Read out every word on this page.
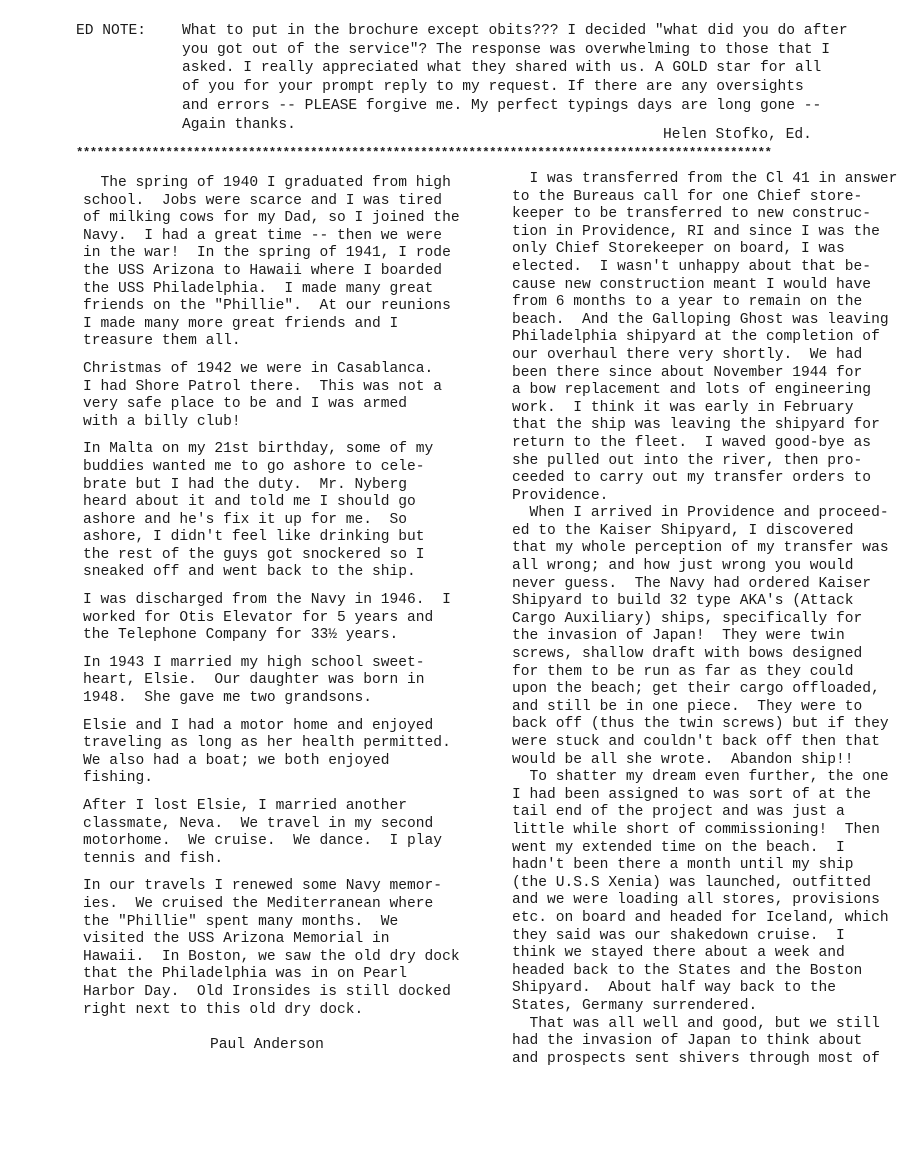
ED NOTE: What to put in the brochure except obits??? I decided "what did you do after
you got out of the service"? The response was overwhelming to those that I
asked. I really appreciated what they shared with us. A GOLD star for all
of you for your prompt reply to my request. If there are any oversights
and errors -- PLEASE forgive me. My perfect typings days are long gone --
Again thanks.
Helen Stofko, Ed.
*****************************************************************************************************

The spring of 1940 I graduated from high
school.  Jobs were scarce and I was tired
of milking cows for my Dad, so I joined the
Navy.  I had a great time -- then we were
in the war!  In the spring of 1941, I rode
the USS Arizona to Hawaii where I boarded
the USS Philadelphia.  I made many great
friends on the "Phillie".  At our reunions
I made many more great friends and I
treasure them all.

Christmas of 1942 we were in Casablanca.
I had Shore Patrol there.  This was not a
very safe place to be and I was armed
with a billy club!

In Malta on my 21st birthday, some of my
buddies wanted me to go ashore to cele-
brate but I had the duty.  Mr. Nyberg
heard about it and told me I should go
ashore and he's fix it up for me.  So
ashore, I didn't feel like drinking but
the rest of the guys got snockered so I
sneaked off and went back to the ship.

I was discharged from the Navy in 1946.  I
worked for Otis Elevator for 5 years and
the Telephone Company for 33½ years.

In 1943 I married my high school sweet-
heart, Elsie.  Our daughter was born in
1948.  She gave me two grandsons.

Elsie and I had a motor home and enjoyed
traveling as long as her health permitted.
We also had a boat; we both enjoyed
fishing.

After I lost Elsie, I married another
classmate, Neva.  We travel in my second
motorhome.  We cruise.  We dance.  I play
tennis and fish.

In our travels I renewed some Navy memor-
ies.  We cruised the Mediterranean where
the "Phillie" spent many months.  We
visited the USS Arizona Memorial in
Hawaii.  In Boston, we saw the old dry dock
that the Philadelphia was in on Pearl
Harbor Day.  Old Ironsides is still docked
right next to this old dry dock.

Paul Anderson

I was transferred from the Cl 41 in answer
to the Bureaus call for one Chief store-
keeper to be transferred to new construc-
tion in Providence, RI and since I was the
only Chief Storekeeper on board, I was
elected.  I wasn't unhappy about that be-
cause new construction meant I would have
from 6 months to a year to remain on the
beach.  And the Galloping Ghost was leaving
Philadelphia shipyard at the completion of
our overhaul there very shortly.  We had
been there since about November 1944 for
a bow replacement and lots of engineering
work.  I think it was early in February
that the ship was leaving the shipyard for
return to the fleet.  I waved good-bye as
she pulled out into the river, then pro-
ceeded to carry out my transfer orders to
Providence.

When I arrived in Providence and proceed-
ed to the Kaiser Shipyard, I discovered
that my whole perception of my transfer was
all wrong; and how just wrong you would
never guess.  The Navy had ordered Kaiser
Shipyard to build 32 type AKA's (Attack
Cargo Auxiliary) ships, specifically for
the invasion of Japan!  They were twin
screws, shallow draft with bows designed
for them to be run as far as they could
upon the beach; get their cargo offloaded,
and still be in one piece.  They were to
back off (thus the twin screws) but if they
were stuck and couldn't back off then that
would be all she wrote.  Abandon ship!!

To shatter my dream even further, the one
I had been assigned to was sort of at the
tail end of the project and was just a
little while short of commissioning!  Then
went my extended time on the beach.  I
hadn't been there a month until my ship
(the U.S.S Xenia) was launched, outfitted
and we were loading all stores, provisions
etc. on board and headed for Iceland, which
they said was our shakedown cruise.  I
think we stayed there about a week and
headed back to the States and the Boston
Shipyard.  About half way back to the
States, Germany surrendered.

That was all well and good, but we still
had the invasion of Japan to think about
and prospects sent shivers through most of
